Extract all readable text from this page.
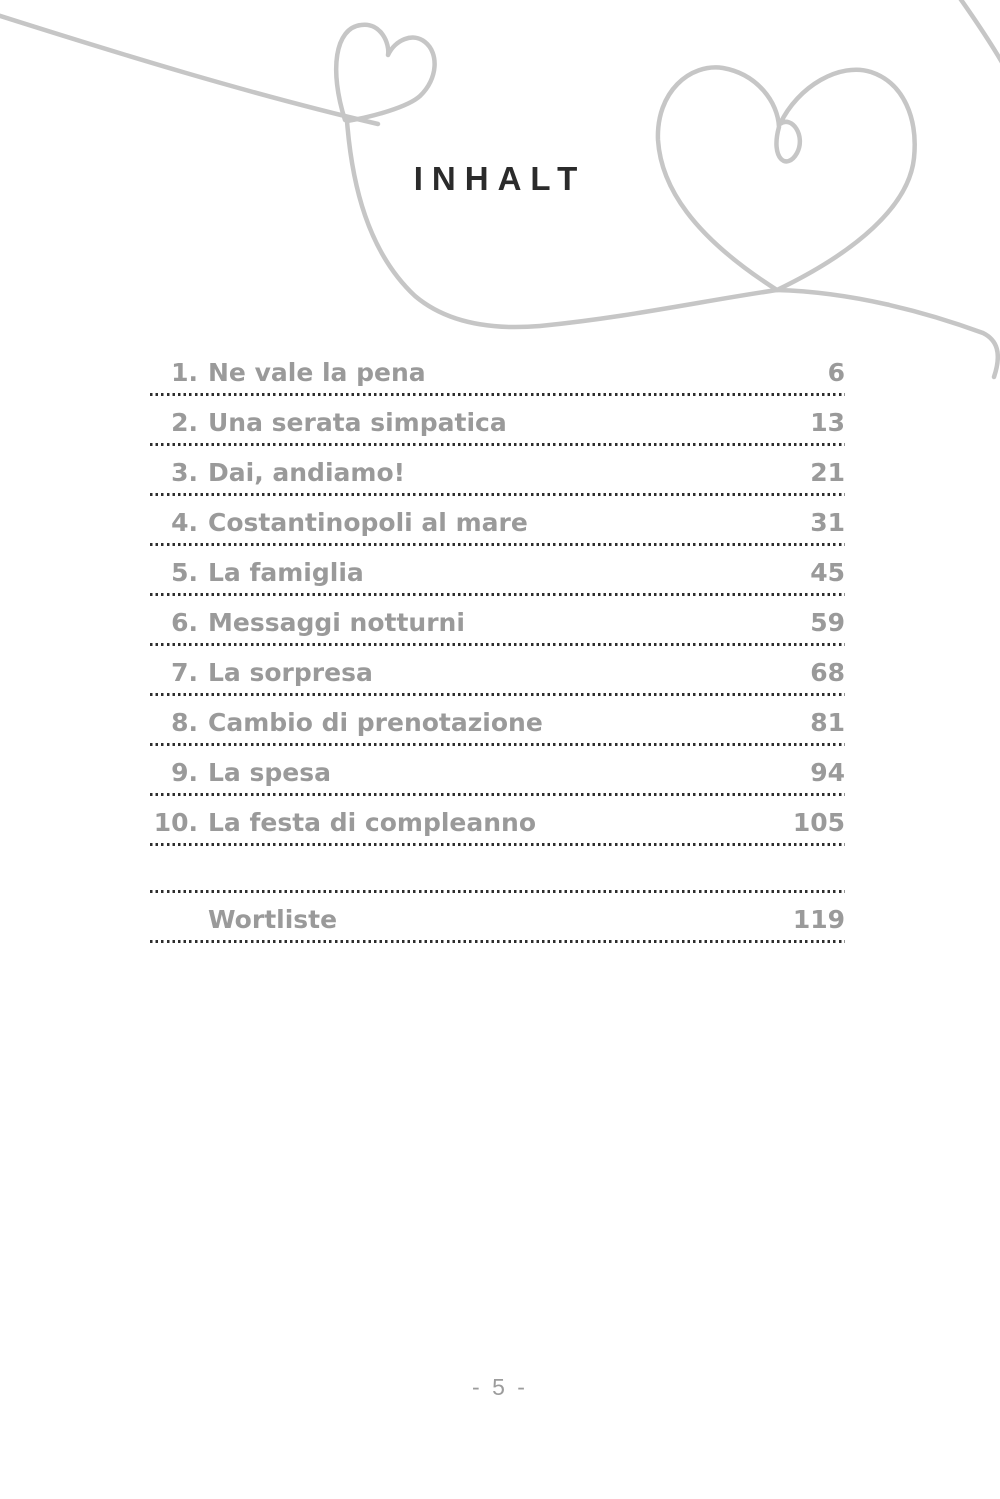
INHALT
1. Ne vale la pena	6
2. Una serata simpatica	13
3. Dai, andiamo!	21
4. Costantinopoli al mare	31
5. La famiglia	45
6. Messaggi notturni	59
7. La sorpresa	68
8. Cambio di prenotazione	81
9. La spesa	94
10. La festa di compleanno	105
Wortliste	119
- 5 -
